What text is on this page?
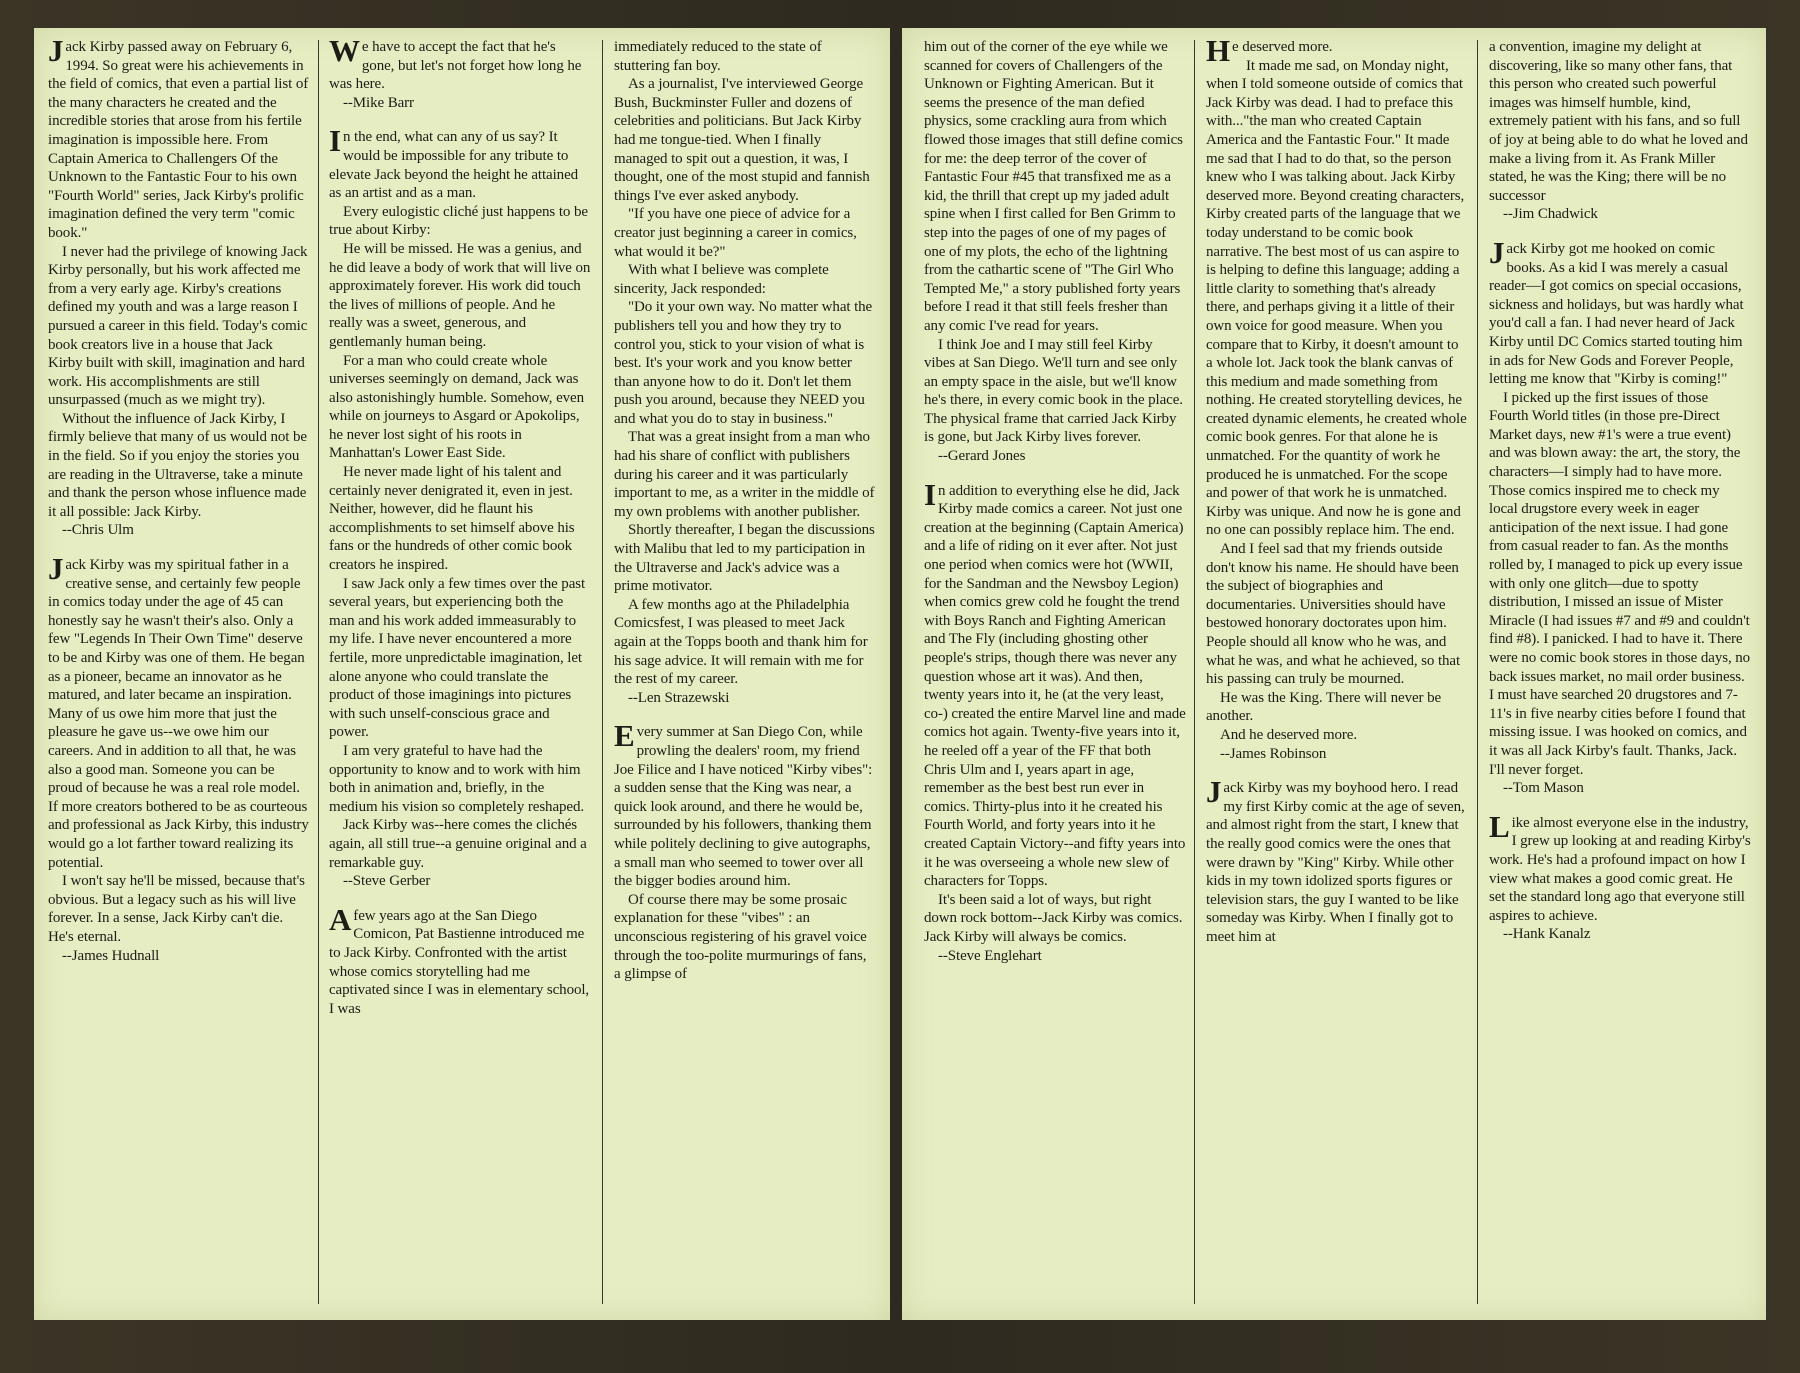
Jack Kirby passed away on February 6, 1994. So great were his achievements in the field of comics, that even a partial list of the many characters he created and the incredible stories that arose from his fertile imagination is impossible here. From Captain America to Challengers Of the Unknown to the Fantastic Four to his own "Fourth World" series, Jack Kirby's prolific imagination defined the very term "comic book."

I never had the privilege of knowing Jack Kirby personally, but his work affected me from a very early age. Kirby's creations defined my youth and was a large reason I pursued a career in this field. Today's comic book creators live in a house that Jack Kirby built with skill, imagination and hard work. His accomplishments are still unsurpassed (much as we might try).

Without the influence of Jack Kirby, I firmly believe that many of us would not be in the field. So if you enjoy the stories you are reading in the Ultraverse, take a minute and thank the person whose influence made it all possible: Jack Kirby.

--Chris Ulm

Jack Kirby was my spiritual father in a creative sense, and certainly few people in comics today under the age of 45 can honestly say he wasn't their's also. Only a few "Legends In Their Own Time" deserve to be and Kirby was one of them. He began as a pioneer, became an innovator as he matured, and later became an inspiration. Many of us owe him more that just the pleasure he gave us--we owe him our careers. And in addition to all that, he was also a good man. Someone you can be proud of because he was a real role model. If more creators bothered to be as courteous and professional as Jack Kirby, this industry would go a lot farther toward realizing its potential.

I won't say he'll be missed, because that's obvious. But a legacy such as his will live forever. In a sense, Jack Kirby can't die. He's eternal.

--James Hudnall

We have to accept the fact that he's gone, but let's not forget how long he was here.

--Mike Barr

In the end, what can any of us say? It would be impossible for any tribute to elevate Jack beyond the height he attained as an artist and as a man.

Every eulogistic cliché just happens to be true about Kirby:

He will be missed. He was a genius, and he did leave a body of work that will live on approximately forever. His work did touch the lives of millions of people. And he really was a sweet, generous, and gentlemanly human being.

For a man who could create whole universes seemingly on demand, Jack was also astonishingly humble. Somehow, even while on journeys to Asgard or Apokolips, he never lost sight of his roots in Manhattan's Lower East Side.

He never made light of his talent and certainly never denigrated it, even in jest. Neither, however, did he flaunt his accomplishments to set himself above his fans or the hundreds of other comic book creators he inspired.

I saw Jack only a few times over the past several years, but experiencing both the man and his work added immeasurably to my life. I have never encountered a more fertile, more unpredictable imagination, let alone anyone who could translate the product of those imaginings into pictures with such unself-conscious grace and power.

I am very grateful to have had the opportunity to know and to work with him both in animation and, briefly, in the medium his vision so completely reshaped.

Jack Kirby was--here comes the clichés again, all still true--a genuine original and a remarkable guy.

--Steve Gerber

A few years ago at the San Diego Comicon, Pat Bastienne introduced me to Jack Kirby. Confronted with the artist whose comics storytelling had me captivated since I was in elementary school, I was

immediately reduced to the state of stuttering fan boy.

As a journalist, I've interviewed George Bush, Buckminster Fuller and dozens of celebrities and politicians. But Jack Kirby had me tongue-tied. When I finally managed to spit out a question, it was, I thought, one of the most stupid and fannish things I've ever asked anybody.

"If you have one piece of advice for a creator just beginning a career in comics, what would it be?"

With what I believe was complete sincerity, Jack responded:

"Do it your own way. No matter what the publishers tell you and how they try to control you, stick to your vision of what is best. It's your work and you know better than anyone how to do it. Don't let them push you around, because they NEED you and what you do to stay in business."

That was a great insight from a man who had his share of conflict with publishers during his career and it was particularly important to me, as a writer in the middle of my own problems with another publisher.

Shortly thereafter, I began the discussions with Malibu that led to my participation in the Ultraverse and Jack's advice was a prime motivator.

A few months ago at the Philadelphia Comicsfest, I was pleased to meet Jack again at the Topps booth and thank him for his sage advice. It will remain with me for the rest of my career.

--Len Strazewski

Every summer at San Diego Con, while prowling the dealers' room, my friend Joe Filice and I have noticed "Kirby vibes": a sudden sense that the King was near, a quick look around, and there he would be, surrounded by his followers, thanking them while politely declining to give autographs, a small man who seemed to tower over all the bigger bodies around him.

Of course there may be some prosaic explanation for these "vibes" : an unconscious registering of his gravel voice through the too-polite murmurings of fans, a glimpse of

him out of the corner of the eye while we scanned for covers of Challengers of the Unknown or Fighting American. But it seems the presence of the man defied physics, some crackling aura from which flowed those images that still define comics for me: the deep terror of the cover of Fantastic Four #45 that transfixed me as a kid, the thrill that crept up my jaded adult spine when I first called for Ben Grimm to step into the pages of one of my pages of one of my plots, the echo of the lightning from the cathartic scene of "The Girl Who Tempted Me," a story published forty years before I read it that still feels fresher than any comic I've read for years.

I think Joe and I may still feel Kirby vibes at San Diego. We'll turn and see only an empty space in the aisle, but we'll know he's there, in every comic book in the place. The physical frame that carried Jack Kirby is gone, but Jack Kirby lives forever.

--Gerard Jones

In addition to everything else he did, Jack Kirby made comics a career. Not just one creation at the beginning (Captain America) and a life of riding on it ever after. Not just one period when comics were hot (WWII, for the Sandman and the Newsboy Legion) when comics grew cold he fought the trend with Boys Ranch and Fighting American and The Fly (including ghosting other people's strips, though there was never any question whose art it was). And then, twenty years into it, he (at the very least, co-) created the entire Marvel line and made comics hot again. Twenty-five years into it, he reeled off a year of the FF that both Chris Ulm and I, years apart in age, remember as the best best run ever in comics. Thirty-plus into it he created his Fourth World, and forty years into it he created Captain Victory--and fifty years into it he was overseeing a whole new slew of characters for Topps.

It's been said a lot of ways, but right down rock bottom--Jack Kirby was comics. Jack Kirby will always be comics.

--Steve Englehart

He deserved more.

It made me sad, on Monday night, when I told someone outside of comics that Jack Kirby was dead. I had to preface this with..."the man who created Captain America and the Fantastic Four." It made me sad that I had to do that, so the person knew who I was talking about. Jack Kirby deserved more. Beyond creating characters, Kirby created parts of the language that we today understand to be comic book narrative. The best most of us can aspire to is helping to define this language; adding a little clarity to something that's already there, and perhaps giving it a little of their own voice for good measure. When you compare that to Kirby, it doesn't amount to a whole lot. Jack took the blank canvas of this medium and made something from nothing. He created storytelling devices, he created dynamic elements, he created whole comic book genres. For that alone he is unmatched. For the quantity of work he produced he is unmatched. For the scope and power of that work he is unmatched. Kirby was unique. And now he is gone and no one can possibly replace him. The end.

And I feel sad that my friends outside don't know his name. He should have been the subject of biographies and documentaries. Universities should have bestowed honorary doctorates upon him. People should all know who he was, and what he was, and what he achieved, so that his passing can truly be mourned.

He was the King. There will never be another.

And he deserved more.

--James Robinson

Jack Kirby was my boyhood hero. I read my first Kirby comic at the age of seven, and almost right from the start, I knew that the really good comics were the ones that were drawn by "King" Kirby. While other kids in my town idolized sports figures or television stars, the guy I wanted to be like someday was Kirby. When I finally got to meet him at

a convention, imagine my delight at discovering, like so many other fans, that this person who created such powerful images was himself humble, kind, extremely patient with his fans, and so full of joy at being able to do what he loved and make a living from it. As Frank Miller stated, he was the King; there will be no successor

--Jim Chadwick

Jack Kirby got me hooked on comic books. As a kid I was merely a casual reader—I got comics on special occasions, sickness and holidays, but was hardly what you'd call a fan. I had never heard of Jack Kirby until DC Comics started touting him in ads for New Gods and Forever People, letting me know that "Kirby is coming!"

I picked up the first issues of those Fourth World titles (in those pre-Direct Market days, new #1's were a true event) and was blown away: the art, the story, the characters—I simply had to have more. Those comics inspired me to check my local drugstore every week in eager anticipation of the next issue. I had gone from casual reader to fan. As the months rolled by, I managed to pick up every issue with only one glitch—due to spotty distribution, I missed an issue of Mister Miracle (I had issues #7 and #9 and couldn't find #8). I panicked. I had to have it. There were no comic book stores in those days, no back issues market, no mail order business. I must have searched 20 drugstores and 7-11's in five nearby cities before I found that missing issue. I was hooked on comics, and it was all Jack Kirby's fault. Thanks, Jack. I'll never forget.

--Tom Mason

Like almost everyone else in the industry, I grew up looking at and reading Kirby's work. He's had a profound impact on how I view what makes a good comic great. He set the standard long ago that everyone still aspires to achieve.

--Hank Kanalz
